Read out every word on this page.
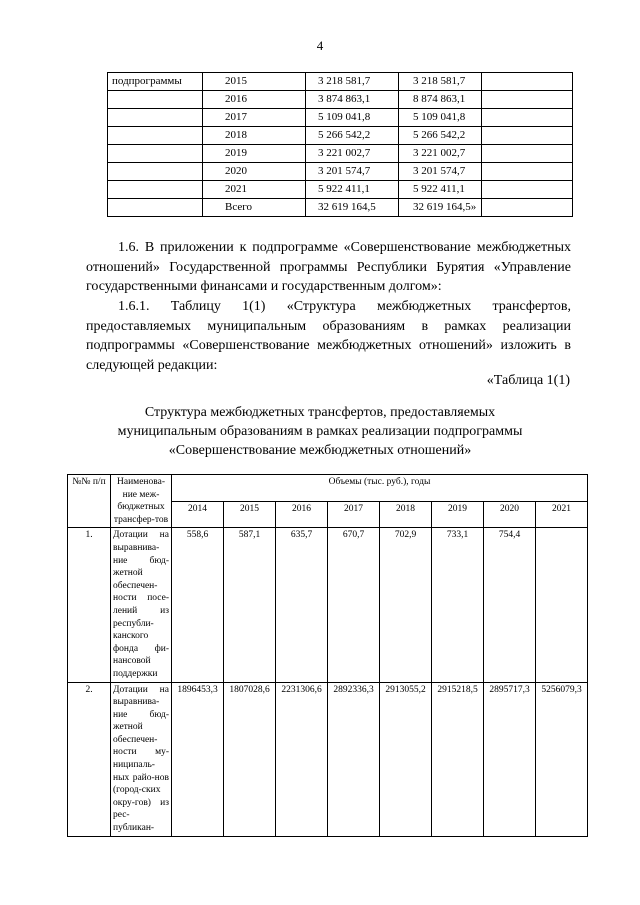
4
подпрограммы	2015	3 218 581,7	3 218 581,7	
	2016	3 874 863,1	8 874 863,1	
	2017	5 109 041,8	5 109 041,8	
	2018	5 266 542,2	5 266 542,2	
	2019	3 221 002,7	3 221 002,7	
	2020	3 201 574,7	3 201 574,7	
	2021	5 922 411,1	5 922 411,1	
	Всего	32 619 164,5	32 619 164,5»	

1.6. В приложении к подпрограмме «Совершенствование межбюджетных отношений» Государственной программы Республики Бурятия «Управление государственными финансами и государственным долгом»:

1.6.1. Таблицу 1(1) «Структура межбюджетных трансфертов, предоставляемых муниципальным образованиям в рамках реализации подпрограммы «Совершенствование межбюджетных отношений» изложить в следующей редакции:

«Таблица 1(1)
Структура межбюджетных трансфертов, предоставляемых
муниципальным образованиям в рамках реализации подпрограммы
«Совершенствование межбюджетных отношений»
№№ п/п	Наименова-ние меж-бюджетных трансфер-тов	Объемы (тыс. руб.), годы							
		2014	2015	2016	2017	2018	2019	2020	2021
1.	Дотации на выравнива-ние бюд-жетной обеспечен-ности посе-лений из республи-канского фонда фи-нансовой поддержки	558,6	587,1	635,7	670,7	702,9	733,1	754,4	
2.	Дотации на выравнива-ние бюд-жетной обеспечен-ности му-ниципаль-ных райо-нов (город-ских окру-гов) из рес-публикан-	1896453,3	1807028,6	2231306,6	2892336,3	2913055,2	2915218,5	2895717,3	5256079,3
